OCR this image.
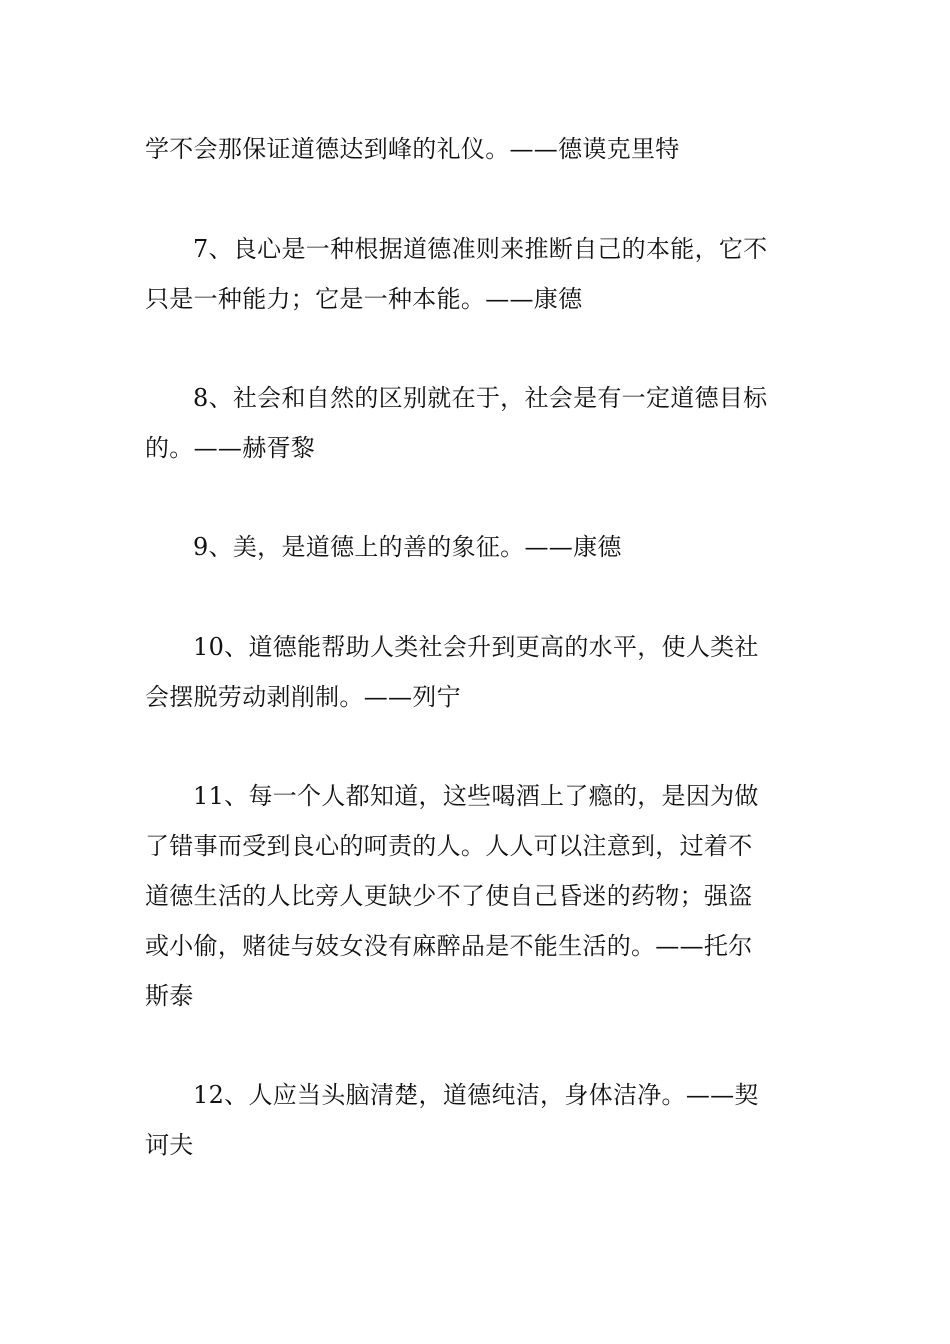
学不会那保证道德达到峰的礼仪。——德谟克里特

7、良心是一种根据道德准则来推断自己的本能，它不

只是一种能力；它是一种本能。——康德

8、社会和自然的区别就在于，社会是有一定道德目标

的。——赫胥黎

9、美，是道德上的善的象征。——康德

10、道德能帮助人类社会升到更高的水平，使人类社

会摆脱劳动剥削制。——列宁

11、每一个人都知道，这些喝酒上了瘾的，是因为做

了错事而受到良心的呵责的人。人人可以注意到，过着不

道德生活的人比旁人更缺少不了使自己昏迷的药物；强盗

或小偷，赌徒与妓女没有麻醉品是不能生活的。——托尔

斯泰

12、人应当头脑清楚，道德纯洁，身体洁净。——契

诃夫
